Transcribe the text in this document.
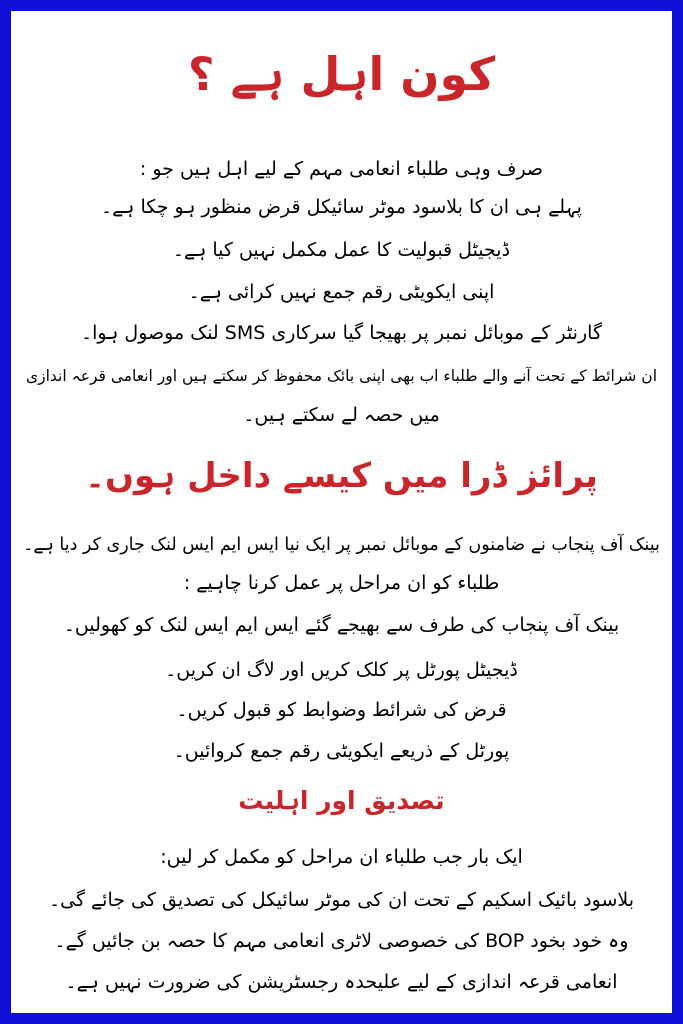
کون اہل ہے ؟
صرف وہی طلباء انعامی مہم کے لیے اہل ہیں جو :
پہلے ہی ان کا بلاسود موٹر سائیکل قرض منظور ہو چکا ہے۔
ڈیجیٹل قبولیت کا عمل مکمل نہیں کیا ہے۔
اپنی ایکویٹی رقم جمع نہیں کرائی ہے۔
گارنٹر کے موبائل نمبر پر بھیجا گیا سرکاری SMS لنک موصول ہوا۔
ان شرائط کے تحت آنے والے طلباء اب بھی اپنی بائک محفوظ کر سکتے ہیں اور انعامی قرعہ اندازی
میں حصہ لے سکتے ہیں۔
پرائز ڈرا میں کیسے داخل ہوں۔
بینک آف پنجاب نے ضامنوں کے موبائل نمبر پر ایک نیا ایس ایم ایس لنک جاری کر دیا ہے۔
طلباء کو ان مراحل پر عمل کرنا چاہیے :
بینک آف پنجاب کی طرف سے بھیجے گئے ایس ایم ایس لنک کو کھولیں۔
ڈیجیٹل پورٹل پر کلک کریں اور لاگ ان کریں۔
قرض کی شرائط وضوابط کو قبول کریں۔
پورٹل کے ذریعے ایکویٹی رقم جمع کروائیں۔
تصدیق اور اہلیت
ایک بار جب طلباء ان مراحل کو مکمل کر لیں:
بلاسود بائیک اسکیم کے تحت ان کی موٹر سائیکل کی تصدیق کی جائے گی۔
وہ خود بخود BOP کی خصوصی لاٹری انعامی مہم کا حصہ بن جائیں گے۔
انعامی قرعہ اندازی کے لیے علیحدہ رجسٹریشن کی ضرورت نہیں ہے۔
